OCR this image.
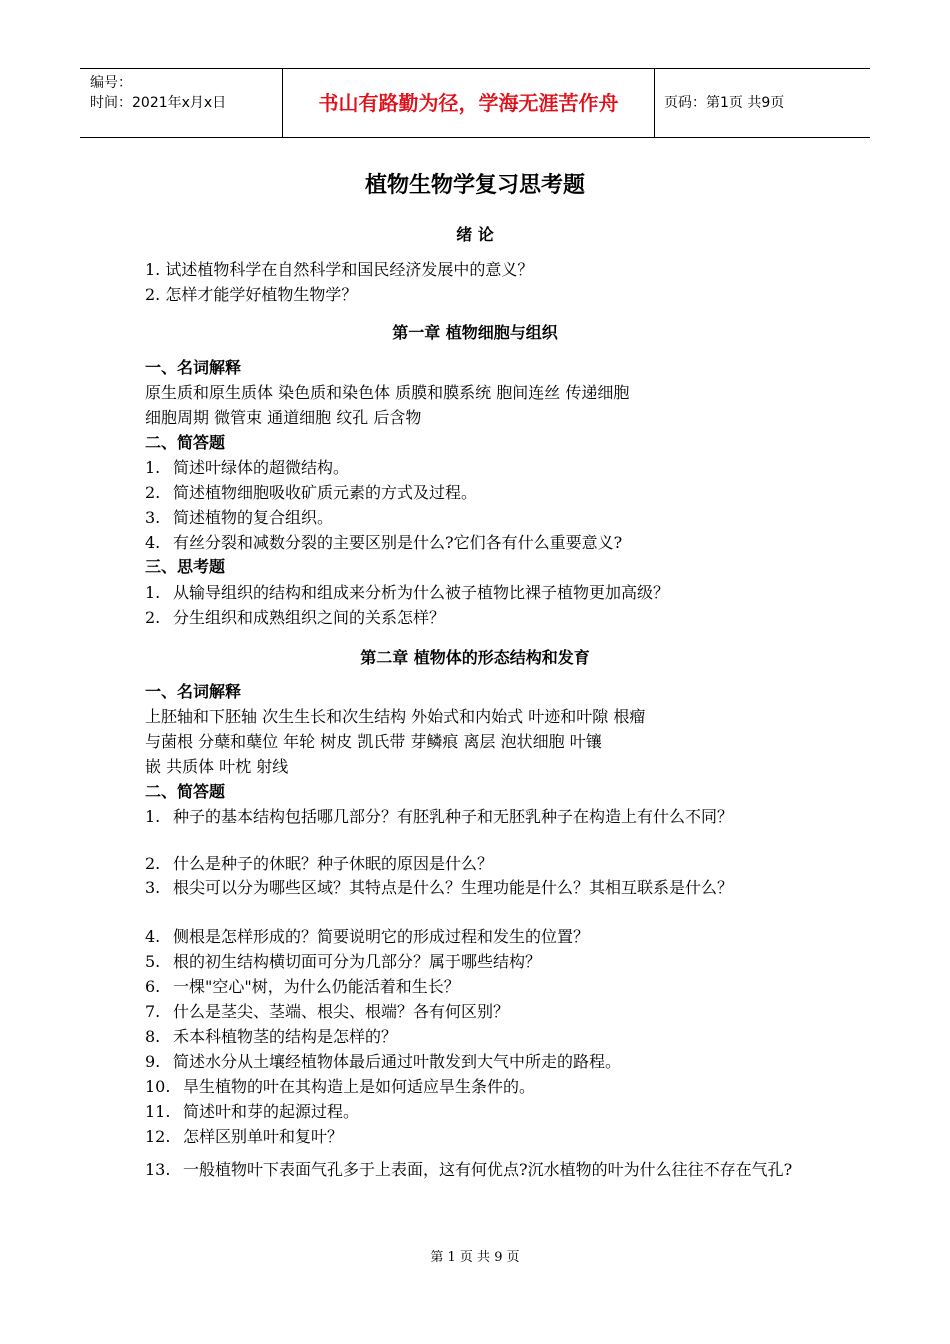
编号：
时间：2021年x月x日	书山有路勤为径，学海无涯苦作舟	页码：第1页 共9页
植物生物学复习思考题
绪 论
1. 试述植物科学在自然科学和国民经济发展中的意义？
2. 怎样才能学好植物生物学？
第一章 植物细胞与组织
一、名词解释
原生质和原生质体 染色质和染色体 质膜和膜系统 胞间连丝 传递细胞
细胞周期 微管束 通道细胞 纹孔 后含物
二、简答题
1. 简述叶绿体的超微结构。
2. 简述植物细胞吸收矿质元素的方式及过程。
3. 简述植物的复合组织。
4. 有丝分裂和减数分裂的主要区别是什么?它们各有什么重要意义?
三、思考题
1. 从输导组织的结构和组成来分析为什么被子植物比裸子植物更加高级？
2. 分生组织和成熟组织之间的关系怎样？
第二章 植物体的形态结构和发育
一、名词解释
上胚轴和下胚轴 次生生长和次生结构 外始式和内始式 叶迹和叶隙 根瘤
与菌根 分蘖和蘖位 年轮 树皮 凯氏带 芽鳞痕 离层 泡状细胞 叶镶
嵌 共质体 叶枕 射线
二、简答题
1. 种子的基本结构包括哪几部分？有胚乳种子和无胚乳种子在构造上有什么不同？
2. 什么是种子的休眠？种子休眠的原因是什么？
3. 根尖可以分为哪些区域？其特点是什么？生理功能是什么？其相互联系是什么？
4. 侧根是怎样形成的？简要说明它的形成过程和发生的位置？
5. 根的初生结构横切面可分为几部分？属于哪些结构？
6. 一棵"空心"树，为什么仍能活着和生长？
7. 什么是茎尖、茎端、根尖、根端？各有何区别？
8. 禾本科植物茎的结构是怎样的？
9. 简述水分从土壤经植物体最后通过叶散发到大气中所走的路程。
10. 旱生植物的叶在其构造上是如何适应旱生条件的。
11. 简述叶和芽的起源过程。
12. 怎样区别单叶和复叶？
13. 一般植物叶下表面气孔多于上表面，这有何优点?沉水植物的叶为什么往往不存在气孔?
第 1 页 共 9 页
